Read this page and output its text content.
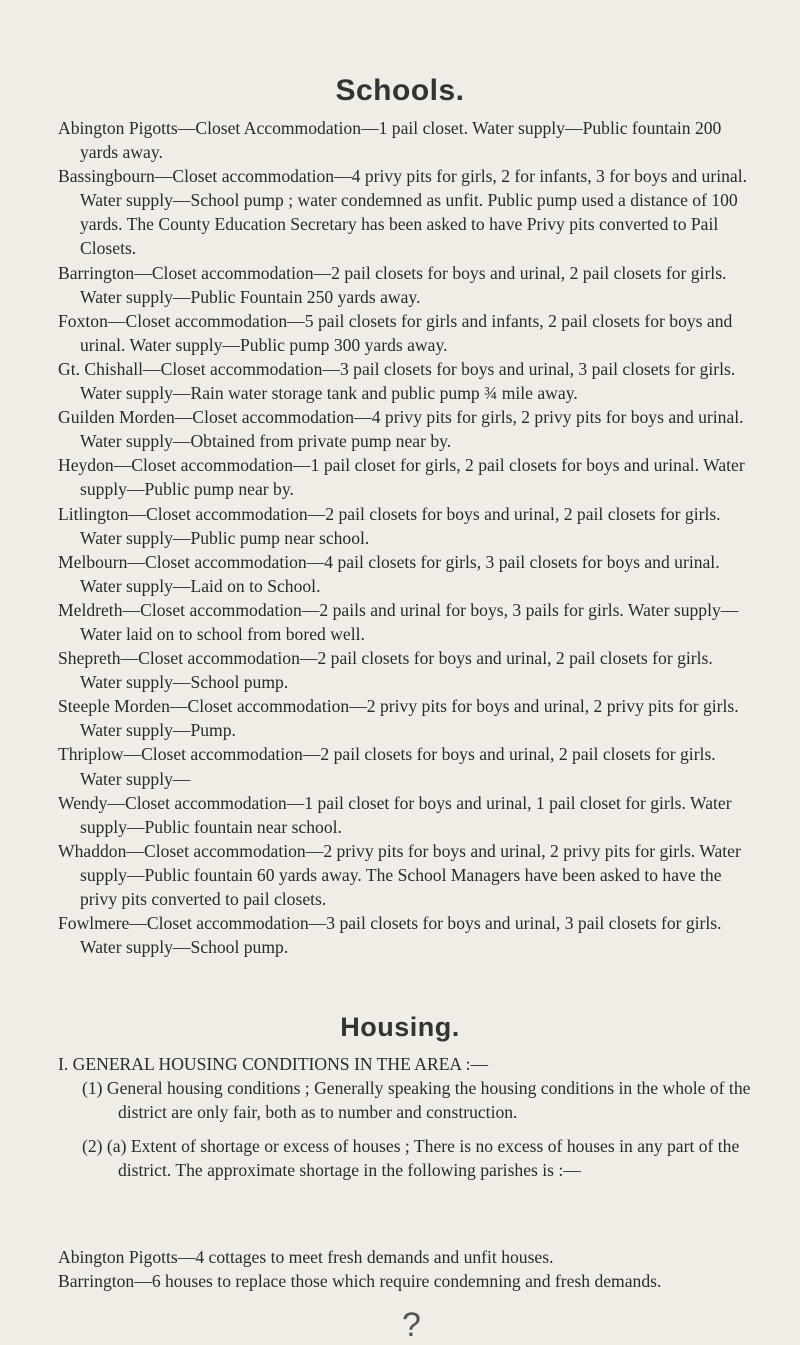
Schools.

Abington Pigotts—Closet Accommodation—1 pail closet. Water supply—Public fountain 200 yards away.

Bassingbourn—Closet accommodation—4 privy pits for girls, 2 for infants, 3 for boys and urinal. Water supply—School pump ; water condemned as unfit. Public pump used a distance of 100 yards. The County Education Secretary has been asked to have Privy pits converted to Pail Closets.

Barrington—Closet accommodation—2 pail closets for boys and urinal, 2 pail closets for girls. Water supply—Public Fountain 250 yards away.

Foxton—Closet accommodation—5 pail closets for girls and infants, 2 pail closets for boys and urinal. Water supply—Public pump 300 yards away.

Gt. Chishall—Closet accommodation—3 pail closets for boys and urinal, 3 pail closets for girls. Water supply—Rain water storage tank and public pump ¾ mile away.

Guilden Morden—Closet accommodation—4 privy pits for girls, 2 privy pits for boys and urinal. Water supply—Obtained from private pump near by.

Heydon—Closet accommodation—1 pail closet for girls, 2 pail closets for boys and urinal. Water supply—Public pump near by.

Litlington—Closet accommodation—2 pail closets for boys and urinal, 2 pail closets for girls. Water supply—Public pump near school.

Melbourn—Closet accommodation—4 pail closets for girls, 3 pail closets for boys and urinal. Water supply—Laid on to School.

Meldreth—Closet accommodation—2 pails and urinal for boys, 3 pails for girls. Water supply—Water laid on to school from bored well.

Shepreth—Closet accommodation—2 pail closets for boys and urinal, 2 pail closets for girls. Water supply—School pump.

Steeple Morden—Closet accommodation—2 privy pits for boys and urinal, 2 privy pits for girls. Water supply—Pump.

Thriplow—Closet accommodation—2 pail closets for boys and urinal, 2 pail closets for girls. Water supply—

Wendy—Closet accommodation—1 pail closet for boys and urinal, 1 pail closet for girls. Water supply—Public fountain near school.

Whaddon—Closet accommodation—2 privy pits for boys and urinal, 2 privy pits for girls. Water supply—Public fountain 60 yards away. The School Managers have been asked to have the privy pits converted to pail closets.

Fowlmere—Closet accommodation—3 pail closets for boys and urinal, 3 pail closets for girls. Water supply—School pump.

Housing.

I. GENERAL HOUSING CONDITIONS IN THE AREA :—

(1) General housing conditions ; Generally speaking the housing conditions in the whole of the district are only fair, both as to number and construction.

(2) (a) Extent of shortage or excess of houses ; There is no excess of houses in any part of the district. The approximate shortage in the following parishes is :—

Abington Pigotts—4 cottages to meet fresh demands and unfit houses.

Barrington—6 houses to replace those which require condemning and fresh demands.

?
